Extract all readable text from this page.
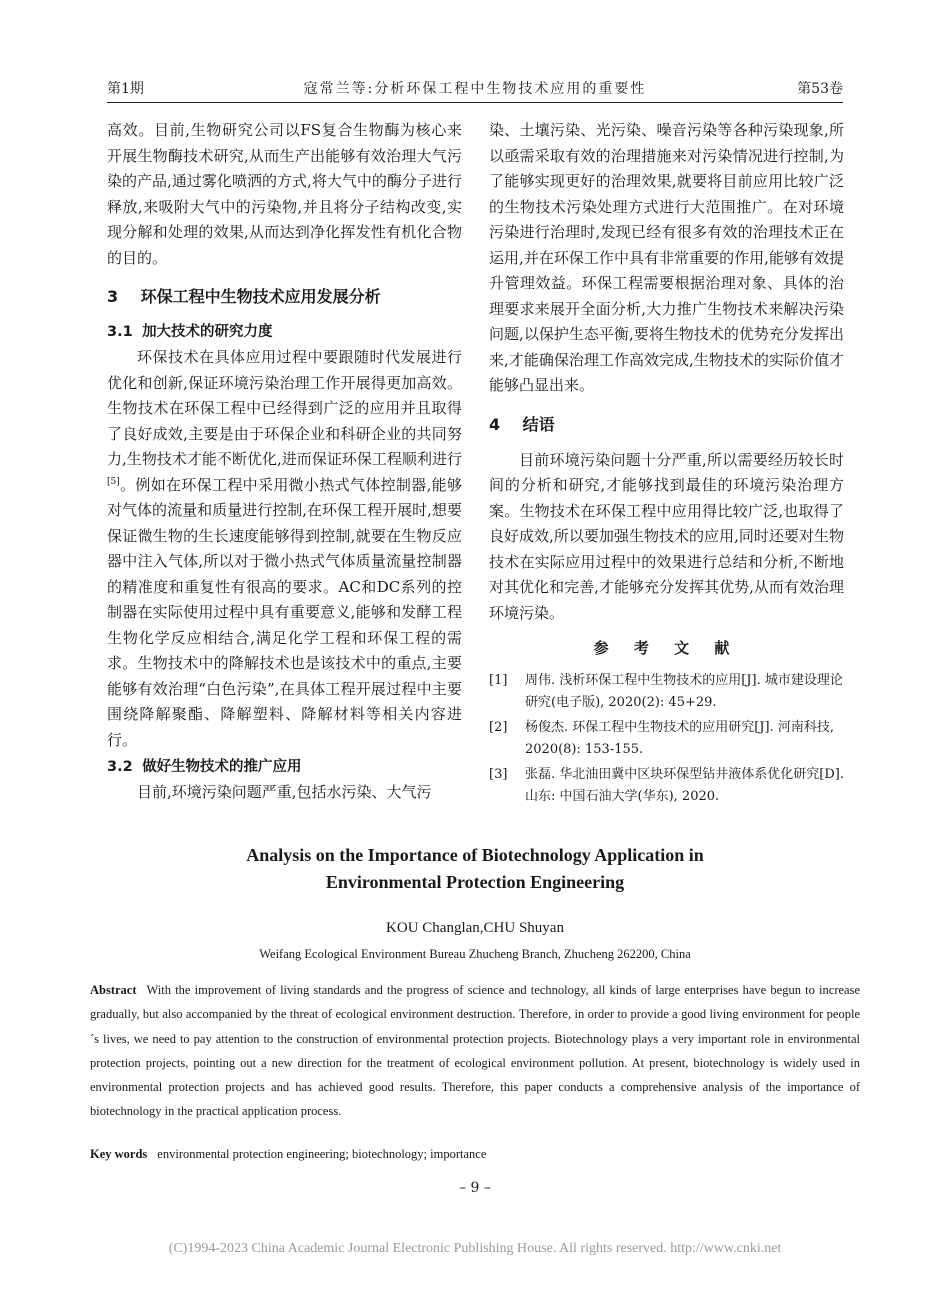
第1期	寇常兰等:分析环保工程中生物技术应用的重要性	第53卷

高效。目前,生物研究公司以FS复合生物酶为核心来开展生物酶技术研究,从而生产出能够有效治理大气污染的产品,通过雾化喷洒的方式,将大气中的酶分子进行释放,来吸附大气中的污染物,并且将分子结构改变,实现分解和处理的效果,从而达到净化挥发性有机化合物的目的。

3 环保工程中生物技术应用发展分析

3.1 加大技术的研究力度

环保技术在具体应用过程中要跟随时代发展进行优化和创新,保证环境污染治理工作开展得更加高效。生物技术在环保工程中已经得到广泛的应用并且取得了良好成效,主要是由于环保企业和科研企业的共同努力,生物技术才能不断优化,进而保证环保工程顺利进行[5]。例如在环保工程中采用微小热式气体控制器,能够对气体的流量和质量进行控制,在环保工程开展时,想要保证微生物的生长速度能够得到控制,就要在生物反应器中注入气体,所以对于微小热式气体质量流量控制器的精准度和重复性有很高的要求。AC和DC系列的控制器在实际使用过程中具有重要意义,能够和发酵工程生物化学反应相结合,满足化学工程和环保工程的需求。生物技术中的降解技术也是该技术中的重点,主要能够有效治理“白色污染”,在具体工程开展过程中主要围绕降解聚酯、降解塑料、降解材料等相关内容进行。

3.2 做好生物技术的推广应用

目前,环境污染问题严重,包括水污染、大气污

染、土壤污染、光污染、噪音污染等各种污染现象,所以亟需采取有效的治理措施来对污染情况进行控制,为了能够实现更好的治理效果,就要将目前应用比较广泛的生物技术污染处理方式进行大范围推广。在对环境污染进行治理时,发现已经有很多有效的治理技术正在运用,并在环保工作中具有非常重要的作用,能够有效提升管理效益。环保工程需要根据治理对象、具体的治理要求来展开全面分析,大力推广生物技术来解决污染问题,以保护生态平衡,要将生物技术的优势充分发挥出来,才能确保治理工作高效完成,生物技术的实际价值才能够凸显出来。

4 结语

目前环境污染问题十分严重,所以需要经历较长时间的分析和研究,才能够找到最佳的环境污染治理方案。生物技术在环保工程中应用得比较广泛,也取得了良好成效,所以要加强生物技术的应用,同时还要对生物技术在实际应用过程中的效果进行总结和分析,不断地对其优化和完善,才能够充分发挥其优势,从而有效治理环境污染。

参 考 文 献

[1]	周伟. 浅析环保工程中生物技术的应用[J]. 城市建设理论研究(电子版), 2020(2): 45+29.
[2]	杨俊杰. 环保工程中生物技术的应用研究[J]. 河南科技, 2020(8): 153-155.
[3]	张磊. 华北油田冀中区块环保型钻井液体系优化研究[D]. 山东: 中国石油大学(华东), 2020.
Analysis on the Importance of Biotechnology Application in
Environmental Protection Engineering
KOU Changlan,CHU Shuyan
Weifang Ecological Environment Bureau Zhucheng Branch, Zhucheng 262200, China
Abstract With the improvement of living standards and the progress of science and technology, all kinds of large enterprises have begun to increase gradually, but also accompanied by the threat of ecological environment destruction. Therefore, in order to provide a good living environment for people´s lives, we need to pay attention to the construction of environmental protection projects. Biotechnology plays a very important role in environmental protection projects, pointing out a new direction for the treatment of ecological environment pollution. At present, biotechnology is widely used in environmental protection projects and has achieved good results. Therefore, this paper conducts a comprehensive analysis of the importance of biotechnology in the practical application process.
Key words environmental protection engineering; biotechnology; importance
– 9 –
(C)1994-2023 China Academic Journal Electronic Publishing House. All rights reserved. http://www.cnki.net
